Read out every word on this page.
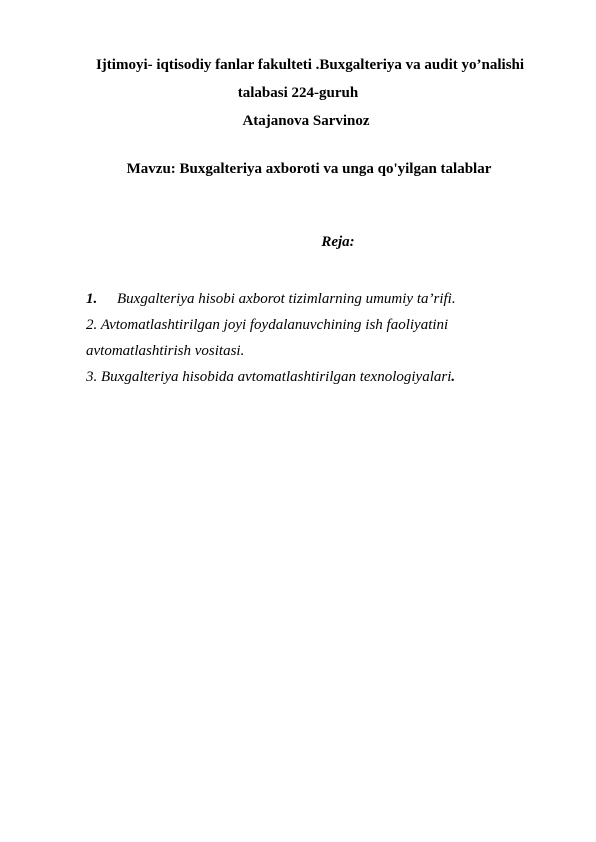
Ijtimoyi- iqtisodiy fanlar fakulteti .Buxgalteriya va audit yo’nalishi
talabasi 224-guruh
Atajanova Sarvinoz
Mavzu: Buxgalteriya axboroti va unga qo'yilgan talablar
Reja:
1. Buxgalteriya hisobi axborot tizimlarning umumiy ta’rifi.
2. Avtomatlashtirilgan joyi foydalanuvchining ish faoliyatini
avtomatlashtirish vositasi.
3. Buxgalteriya hisobida avtomatlashtirilgan texnologiyalari.
